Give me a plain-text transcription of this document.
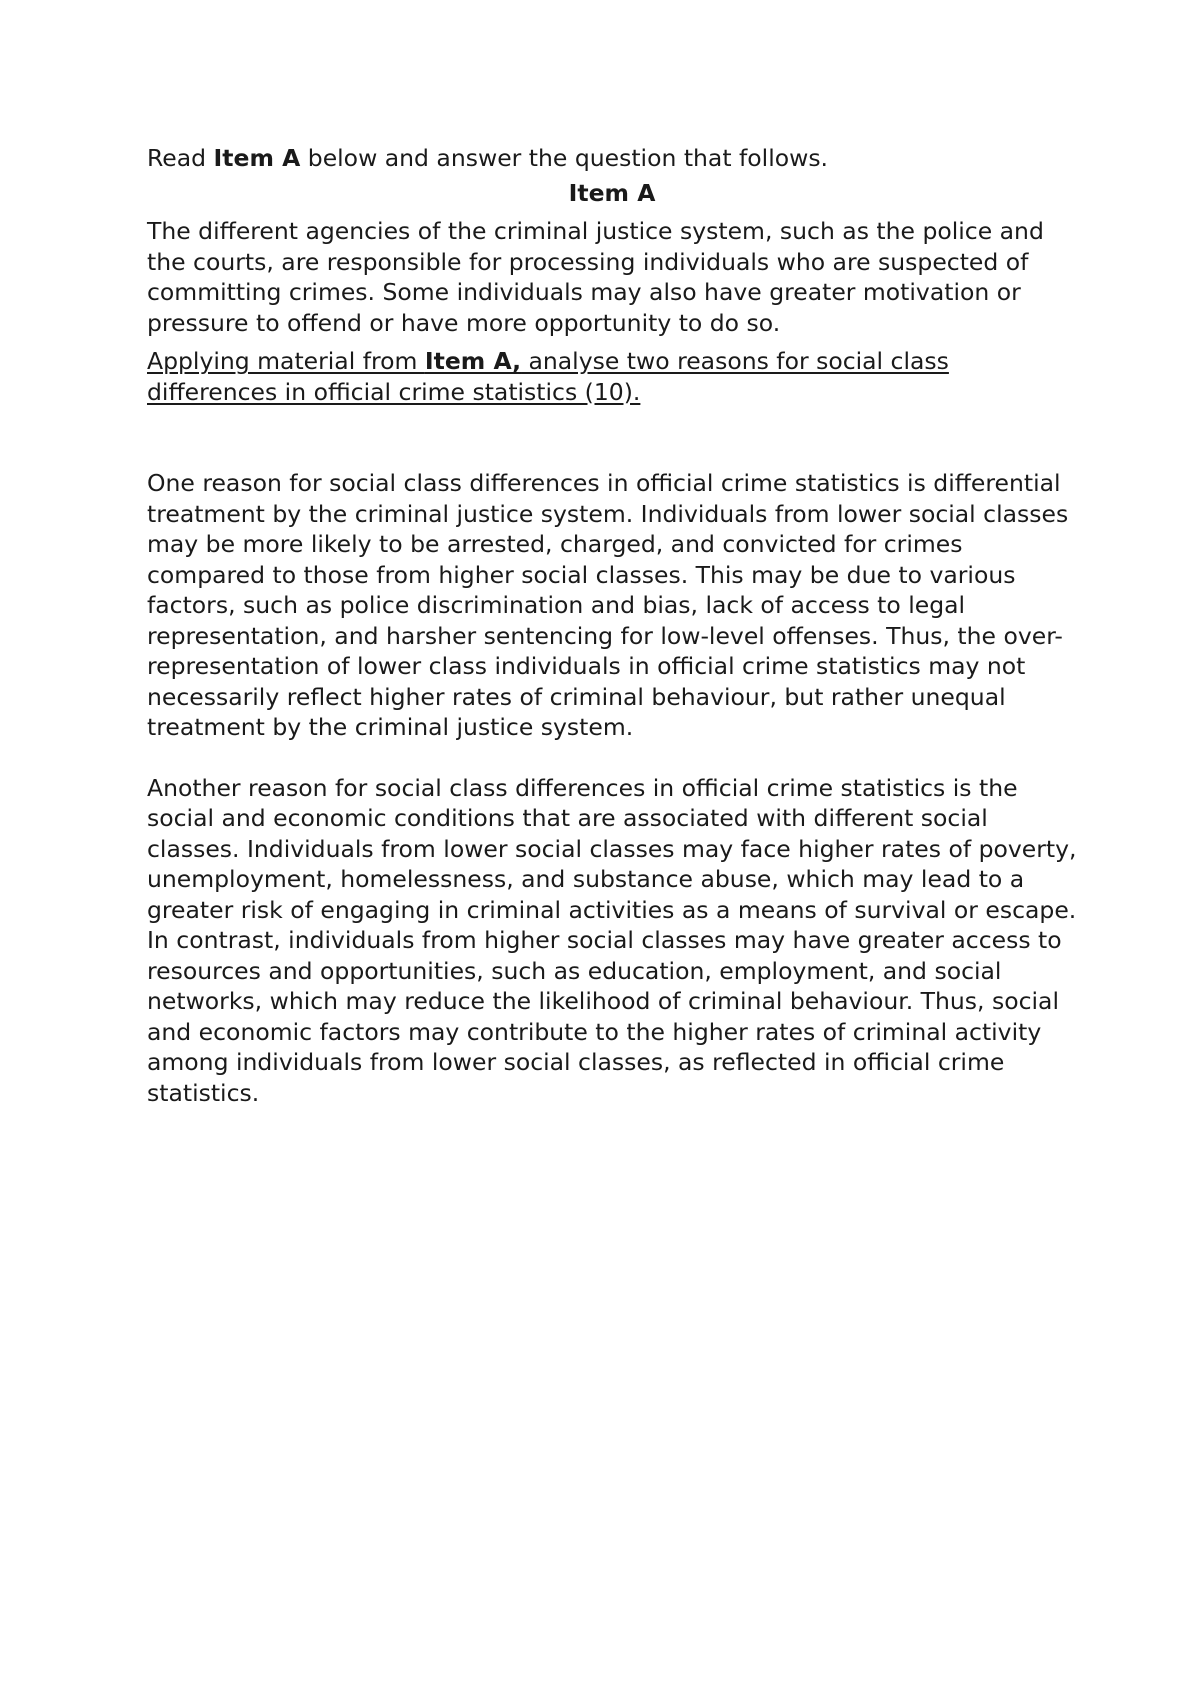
Read Item A below and answer the question that follows.

Item A

The different agencies of the criminal justice system, such as the police and the courts, are responsible for processing individuals who are suspected of committing crimes. Some individuals may also have greater motivation or pressure to offend or have more opportunity to do so.

Applying material from Item A, analyse two reasons for social class differences in official crime statistics (10).

One reason for social class differences in official crime statistics is differential treatment by the criminal justice system. Individuals from lower social classes may be more likely to be arrested, charged, and convicted for crimes compared to those from higher social classes. This may be due to various factors, such as police discrimination and bias, lack of access to legal representation, and harsher sentencing for low-level offenses. Thus, the over-representation of lower class individuals in official crime statistics may not necessarily reflect higher rates of criminal behaviour, but rather unequal treatment by the criminal justice system.

Another reason for social class differences in official crime statistics is the social and economic conditions that are associated with different social classes. Individuals from lower social classes may face higher rates of poverty, unemployment, homelessness, and substance abuse, which may lead to a greater risk of engaging in criminal activities as a means of survival or escape. In contrast, individuals from higher social classes may have greater access to resources and opportunities, such as education, employment, and social networks, which may reduce the likelihood of criminal behaviour. Thus, social and economic factors may contribute to the higher rates of criminal activity among individuals from lower social classes, as reflected in official crime statistics.
